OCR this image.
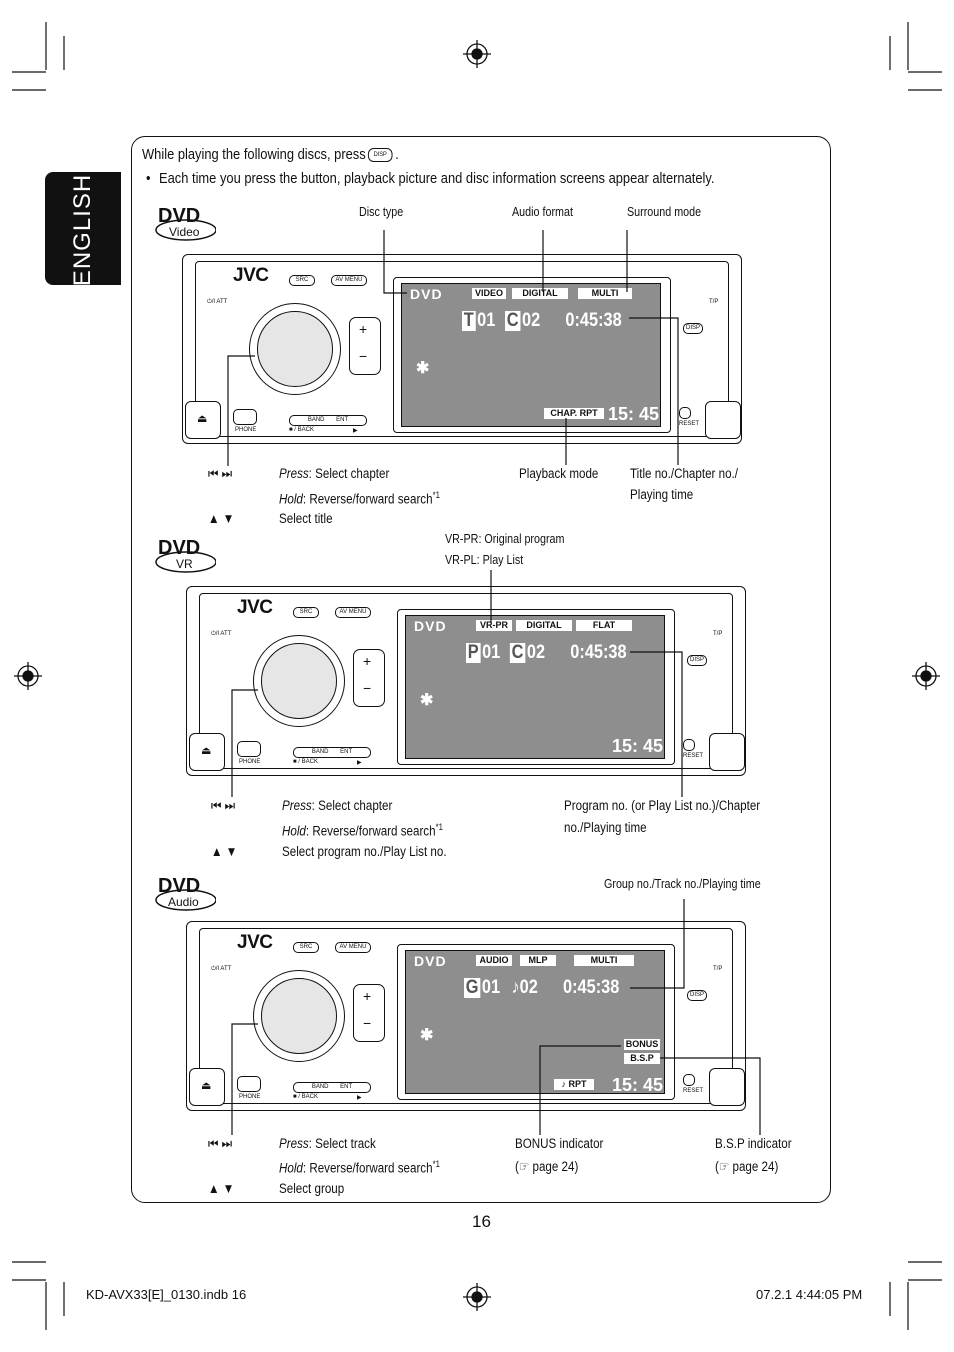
ENGLISH
While playing the following discs, press DISP .
• Each time you press the button, playback picture and disc information screens appear alternately.
DVD
Video
Disc type	Audio format	Surround mode
JVC	SRC	AV MENU
⏻/I ATT
+
−
DVD	VIDEO	DIGITAL	MULTI
T 01 C 02 0:45:38
✱
CHAP. RPT 15: 45
DISP
T/P
⏏
PHONE
BAND ENT
■ / BACK	▶
RESET
⏮ ⏭	Press: Select chapter
Hold: Reverse/forward search$^{*1}$
▲ ▼	Select title
Playback mode Title no./Chapter no./
Playing time
DVD
VR
VR-PR: Original program
VR-PL: Play List
JVC	SRC	AV MENU
⏻/I ATT
+
−
DVD	VR-PR	DIGITAL	FLAT
P 01 C 02 0:45:38
✱
15: 45
DISP
T/P
⏏
PHONE
BAND ENT
■ / BACK	▶
RESET
⏮ ⏭	Press: Select chapter
Hold: Reverse/forward search$^{*1}$
▲ ▼	Select program no./Play List no.
Program no. (or Play List no.)/Chapter
no./Playing time
DVD
Audio
Group no./Track no./Playing time
JVC	SRC	AV MENU
⏻/I ATT
+
−
DVD	AUDIO	MLP	MULTI
G 01 ♪02 0:45:38
✱	BONUS
B.S.P
♪ RPT	15: 45
DISP
T/P
⏏
PHONE
BAND ENT
■ / BACK	▶
RESET
⏮ ⏭	Press: Select track
Hold: Reverse/forward search$^{*1}$
▲ ▼	Select group
BONUS indicator
(☞ page 24)
B.S.P indicator
(☞ page 24)
16
KD-AVX33[E]_0130.indb 16	07.2.1 4:44:05 PM
